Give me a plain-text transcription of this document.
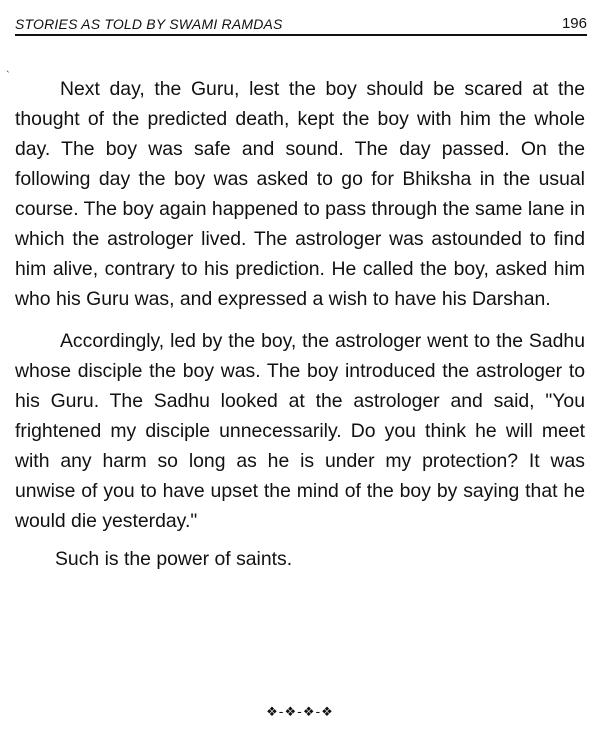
STORIES AS TOLD BY SWAMI RAMDAS	196
`

Next day, the Guru, lest the boy should be scared at the thought of the predicted death, kept the boy with him the whole day. The boy was safe and sound. The day passed. On the following day the boy was asked to go for Bhiksha in the usual course. The boy again happened to pass through the same lane in which the astrologer lived. The astrologer was astounded to find him alive, contrary to his prediction. He called the boy, asked him who his Guru was, and expressed a wish to have his Darshan.

Accordingly, led by the boy, the astrologer went to the Sadhu whose disciple the boy was. The boy introduced the astrologer to his Guru. The Sadhu looked at the astrologer and said, "You frightened my disciple unnecessarily. Do you think he will meet with any harm so long as he is under my protection? It was unwise of you to have upset the mind of the boy by saying that he would die yesterday."

Such is the power of saints.

❖-❖-❖-❖
